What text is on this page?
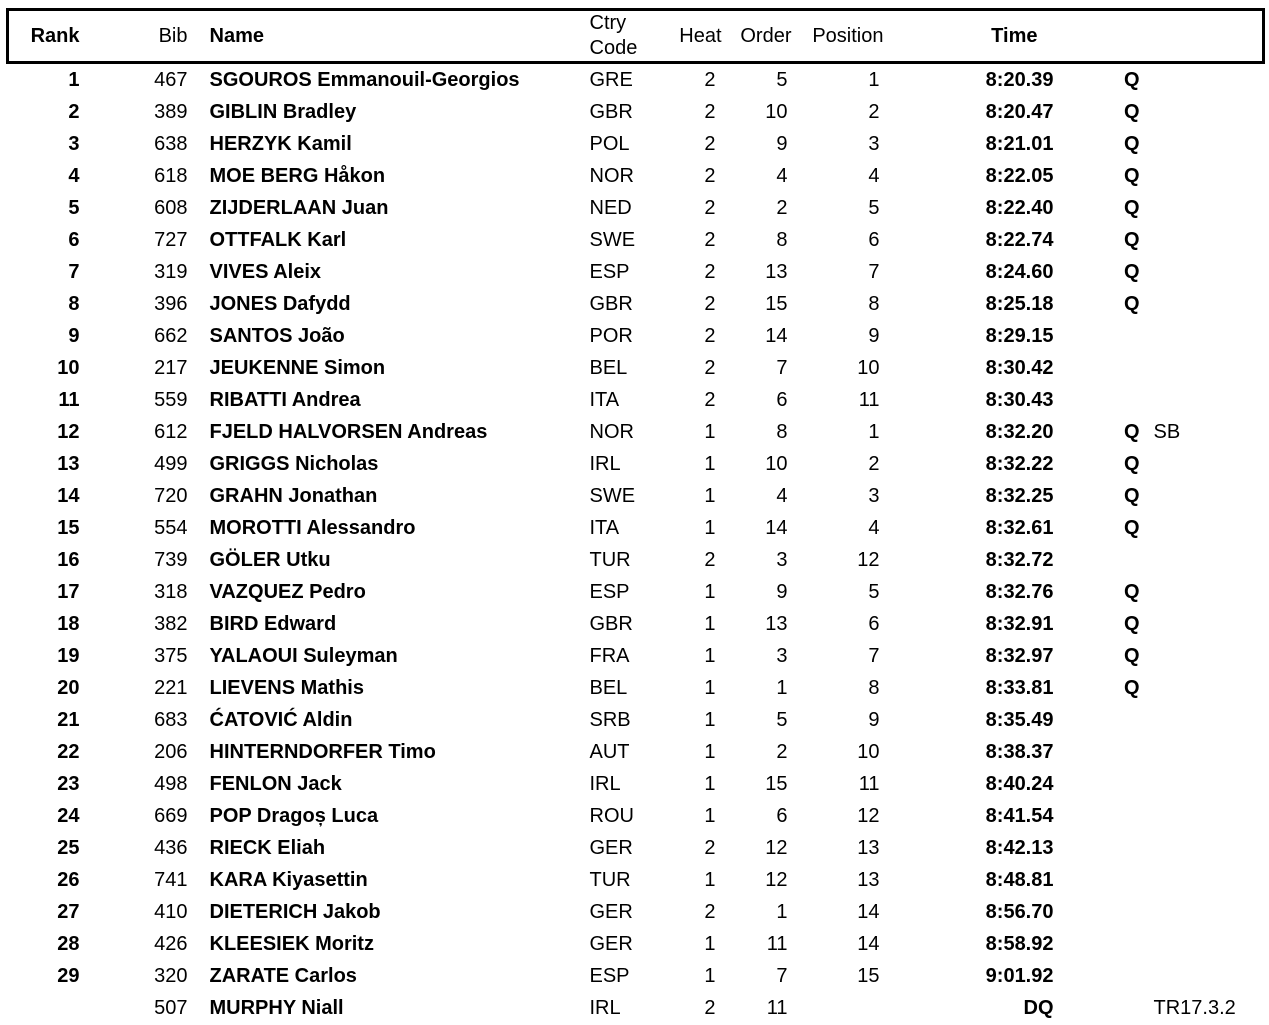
Rank	Bib	Name	Ctry Code	Heat	Order	Position	Time		
1	467	SGOUROS Emmanouil-Georgios	GRE	2	5	1	8:20.39	Q	
2	389	GIBLIN Bradley	GBR	2	10	2	8:20.47	Q	
3	638	HERZYK Kamil	POL	2	9	3	8:21.01	Q	
4	618	MOE BERG Håkon	NOR	2	4	4	8:22.05	Q	
5	608	ZIJDERLAAN Juan	NED	2	2	5	8:22.40	Q	
6	727	OTTFALK Karl	SWE	2	8	6	8:22.74	Q	
7	319	VIVES Aleix	ESP	2	13	7	8:24.60	Q	
8	396	JONES Dafydd	GBR	2	15	8	8:25.18	Q	
9	662	SANTOS João	POR	2	14	9	8:29.15		
10	217	JEUKENNE Simon	BEL	2	7	10	8:30.42		
11	559	RIBATTI Andrea	ITA	2	6	11	8:30.43		
12	612	FJELD HALVORSEN Andreas	NOR	1	8	1	8:32.20	Q	SB
13	499	GRIGGS Nicholas	IRL	1	10	2	8:32.22	Q	
14	720	GRAHN Jonathan	SWE	1	4	3	8:32.25	Q	
15	554	MOROTTI Alessandro	ITA	1	14	4	8:32.61	Q	
16	739	GÖLER Utku	TUR	2	3	12	8:32.72		
17	318	VAZQUEZ Pedro	ESP	1	9	5	8:32.76	Q	
18	382	BIRD Edward	GBR	1	13	6	8:32.91	Q	
19	375	YALAOUI Suleyman	FRA	1	3	7	8:32.97	Q	
20	221	LIEVENS Mathis	BEL	1	1	8	8:33.81	Q	
21	683	ĆATOVIĆ Aldin	SRB	1	5	9	8:35.49		
22	206	HINTERNDORFER Timo	AUT	1	2	10	8:38.37		
23	498	FENLON Jack	IRL	1	15	11	8:40.24		
24	669	POP Dragoș Luca	ROU	1	6	12	8:41.54		
25	436	RIECK Eliah	GER	2	12	13	8:42.13		
26	741	KARA Kiyasettin	TUR	1	12	13	8:48.81		
27	410	DIETERICH Jakob	GER	2	1	14	8:56.70		
28	426	KLEESIEK Moritz	GER	1	11	14	8:58.92		
29	320	ZARATE Carlos	ESP	1	7	15	9:01.92		
	507	MURPHY Niall	IRL	2	11		DQ		TR17.3.2
